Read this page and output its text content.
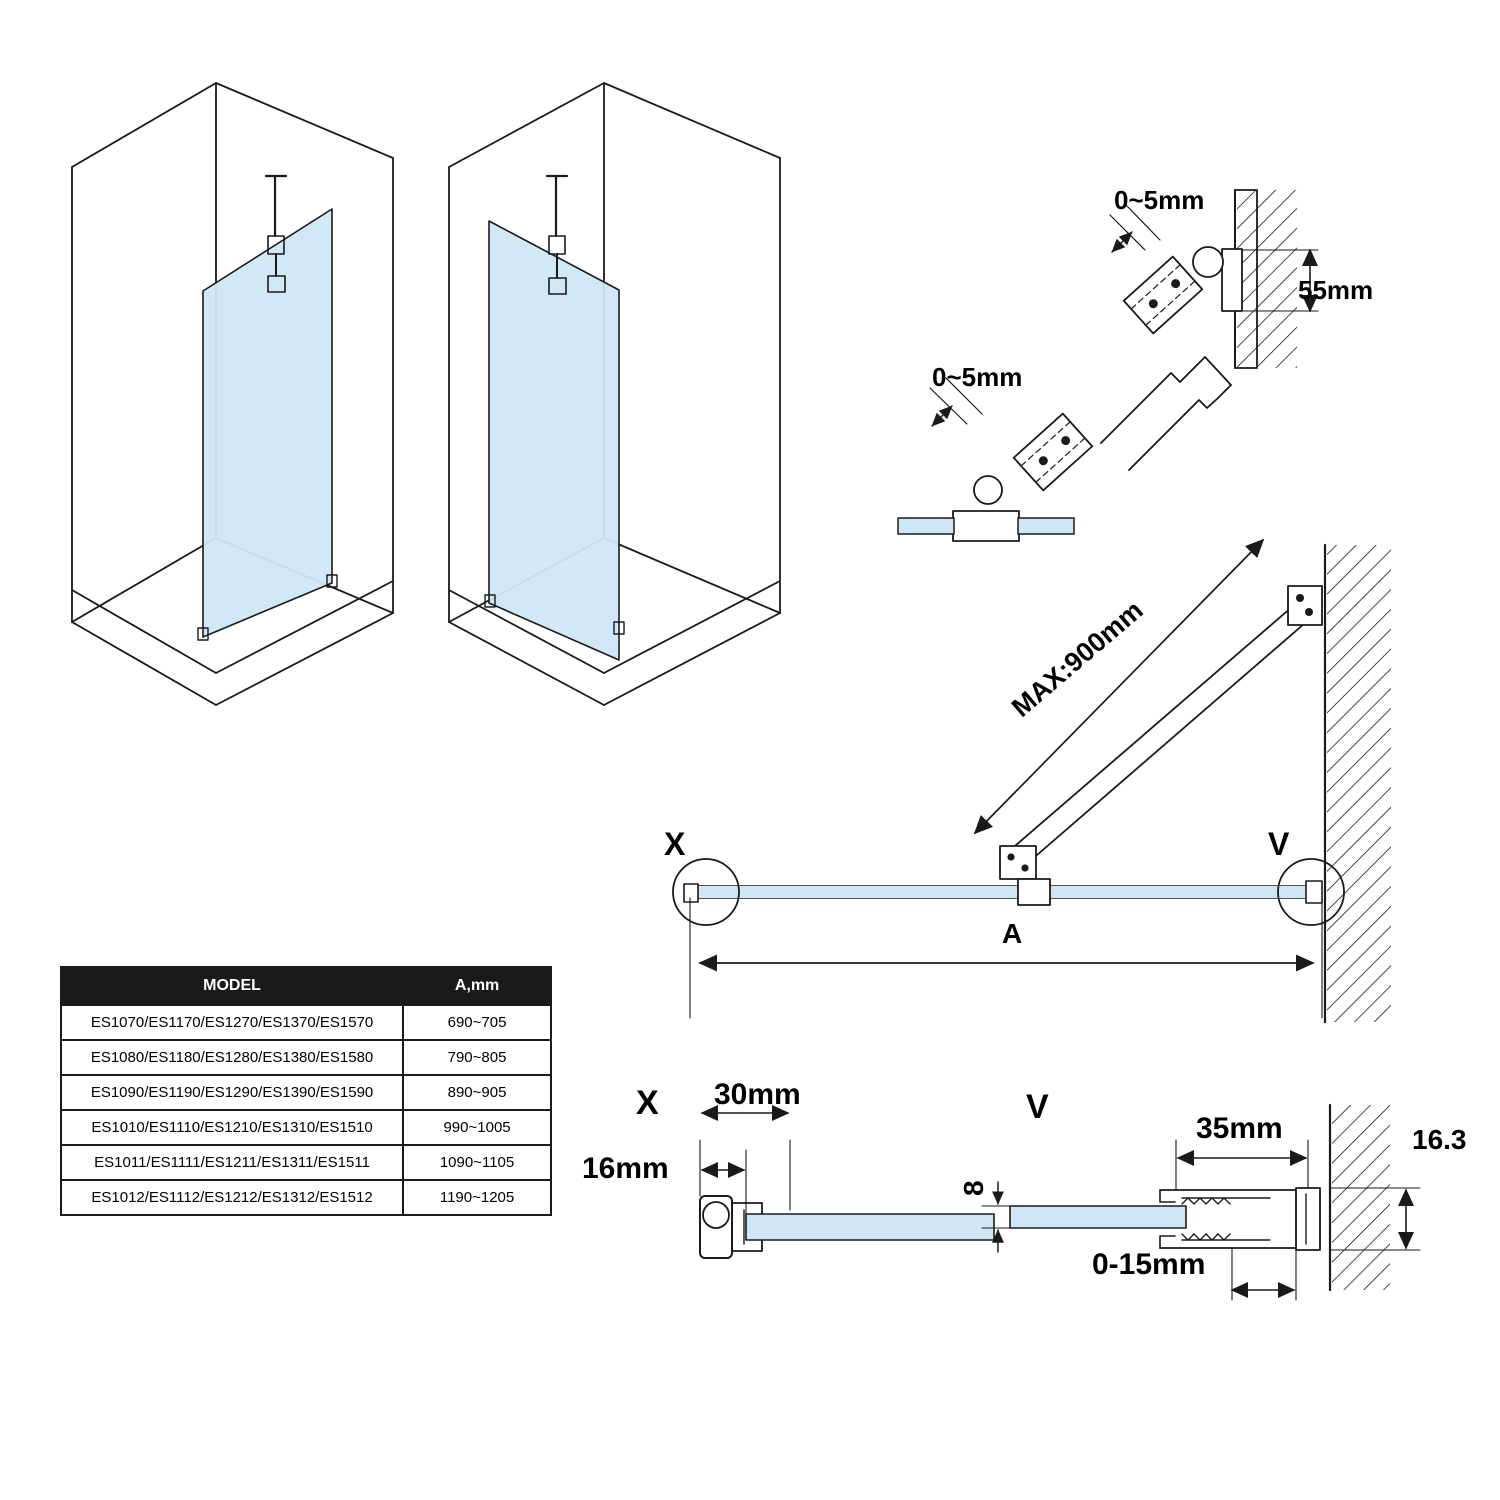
0~5mm
55mm
0~5mm
MAX:900mm
A
X	V
X 30mm
16mm
V
35mm	16.3
8
0-15mm
MODEL	A,mm
ES1070/ES1170/ES1270/ES1370/ES1570	690~705
ES1080/ES1180/ES1280/ES1380/ES1580	790~805
ES1090/ES1190/ES1290/ES1390/ES1590	890~905
ES1010/ES1110/ES1210/ES1310/ES1510	990~1005
ES1011/ES1111/ES1211/ES1311/ES1511	1090~1105
ES1012/ES1112/ES1212/ES1312/ES1512	1190~1205
